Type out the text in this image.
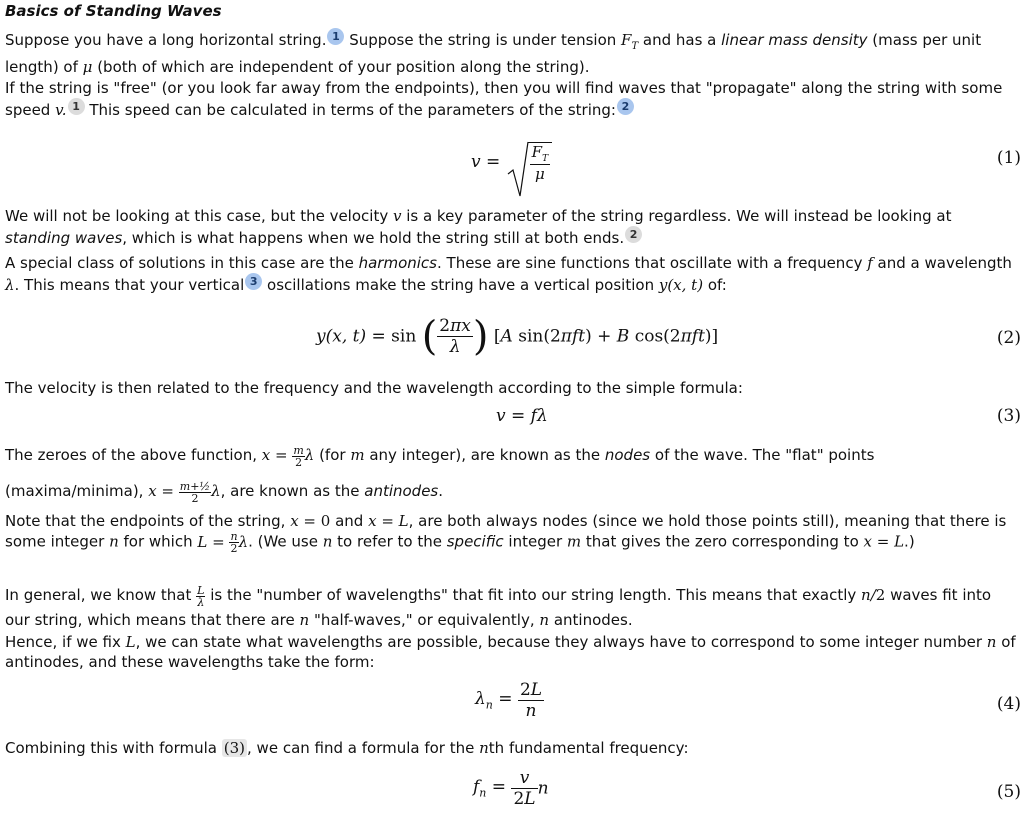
Basics of Standing Waves
Suppose you have a long horizontal string. 1 Suppose the string is under tension $F_T$ and has a linear mass density (mass per unit length) of μ (both of which are independent of your position along the string).
If the string is "free" (or you look far away from the endpoints), then you will find waves that "propagate" along the string with some speed v. 1 This speed can be calculated in terms of the parameters of the string: 2
$v = \frac{F_T}{\mu}$	(1)
We will not be looking at this case, but the velocity v is a key parameter of the string regardless. We will instead be looking at standing waves, which is what happens when we hold the string still at both ends. 2
A special class of solutions in this case are the harmonics. These are sine functions that oscillate with a frequency f and a wavelength λ. This means that your vertical 3 oscillations make the string have a vertical position y(x, t) of:
y(x, t) = sin ( $\frac{2\pi x}{\lambda}$ ) [A sin(2πft) + B cos(2πft)]	(2)
The velocity is then related to the frequency and the wavelength according to the simple formula:
v = fλ	(3)
The zeroes of the above function, $x = \frac{m}{2}$ λ (for m any integer), are known as the nodes of the wave. The "flat" points
(maxima/minima), $x = \frac{\text{m+½}}{2} \lambda$, are known as the antinodes.
Note that the endpoints of the string, x = 0 and x = L, are both always nodes (since we hold those points still), meaning that there is some integer n for which $L = \frac{n}{2} \lambda$. (We use n to refer to the specific integer m that gives the zero corresponding to x = L.)
In general, we know that $\frac{L}{\lambda}$ is the "number of wavelengths" that fit into our string length. This means that exactly n/2 waves fit into our string, which means that there are n "half-waves," or equivalently, n antinodes.
Hence, if we fix L, we can state what wavelengths are possible, because they always have to correspond to some integer number n of antinodes, and these wavelengths take the form:
$\lambda_n = \frac{2L}{n}$	(4)
Combining this with formula (3) , we can find a formula for the nth fundamental frequency:
$f_n = \frac{v}{2L}$ n	(5)
